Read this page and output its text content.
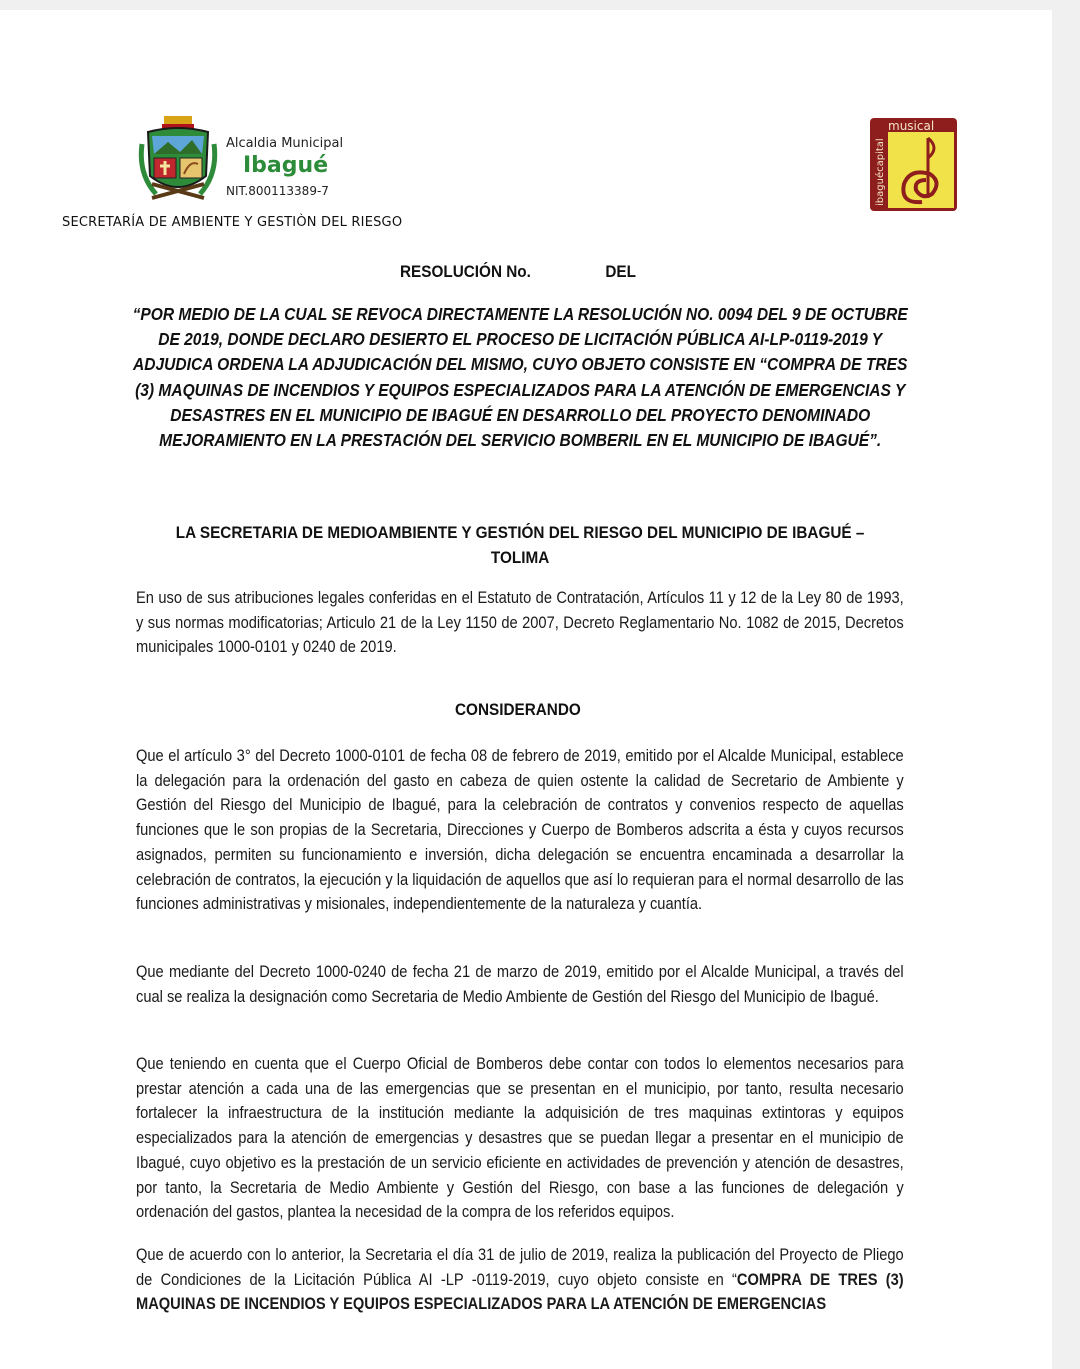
Alcaldia Municipal
Ibagué
NIT.800113389-7
musical
ibaguécapital
SECRETARÍA DE AMBIENTE Y GESTIÒN DEL RIESGO
RESOLUCIÓN No.	DEL
“POR MEDIO DE LA CUAL SE REVOCA DIRECTAMENTE LA RESOLUCIÓN NO. 0094 DEL 9 DE OCTUBRE DE 2019, DONDE DECLARO DESIERTO EL PROCESO DE LICITACIÓN PÚBLICA AI-LP-0119-2019 Y ADJUDICA ORDENA LA ADJUDICACIÓN DEL MISMO, CUYO OBJETO CONSISTE EN “COMPRA DE TRES (3) MAQUINAS DE INCENDIOS Y EQUIPOS ESPECIALIZADOS PARA LA ATENCIÓN DE EMERGENCIAS Y DESASTRES EN EL MUNICIPIO DE IBAGUÉ EN DESARROLLO DEL PROYECTO DENOMINADO MEJORAMIENTO EN LA PRESTACIÓN DEL SERVICIO BOMBERIL EN EL MUNICIPIO DE IBAGUÉ”.
LA SECRETARIA DE MEDIOAMBIENTE Y GESTIÓN DEL RIESGO DEL MUNICIPIO DE IBAGUÉ – TOLIMA
En uso de sus atribuciones legales conferidas en el Estatuto de Contratación, Artículos 11 y 12 de la Ley 80 de 1993, y sus normas modificatorias; Articulo 21 de la Ley 1150 de 2007, Decreto Reglamentario No. 1082 de 2015, Decretos municipales 1000-0101 y 0240 de 2019.
CONSIDERANDO
Que el artículo 3° del Decreto 1000-0101 de fecha 08 de febrero de 2019, emitido por el Alcalde Municipal, establece la delegación para la ordenación del gasto en cabeza de quien ostente la calidad de Secretario de Ambiente y Gestión del Riesgo del Municipio de Ibagué, para la celebración de contratos y convenios respecto de aquellas funciones que le son propias de la Secretaria, Direcciones y Cuerpo de Bomberos adscrita a ésta y cuyos recursos asignados, permiten su funcionamiento e inversión, dicha delegación se encuentra encaminada a desarrollar la celebración de contratos, la ejecución y la liquidación de aquellos que así lo requieran para el normal desarrollo de las funciones administrativas y misionales, independientemente de la naturaleza y cuantía.
Que mediante del Decreto 1000-0240 de fecha 21 de marzo de 2019, emitido por el Alcalde Municipal, a través del cual se realiza la designación como Secretaria de Medio Ambiente de Gestión del Riesgo del Municipio de Ibagué.
Que teniendo en cuenta que el Cuerpo Oficial de Bomberos debe contar con todos lo elementos necesarios para prestar atención a cada una de las emergencias que se presentan en el municipio, por tanto, resulta necesario fortalecer la infraestructura de la institución mediante la adquisición de tres maquinas extintoras y equipos especializados para la atención de emergencias y desastres que se puedan llegar a presentar en el municipio de Ibagué, cuyo objetivo es la prestación de un servicio eficiente en actividades de prevención y atención de desastres, por tanto, la Secretaria de Medio Ambiente y Gestión del Riesgo, con base a las funciones de delegación y ordenación del gastos, plantea la necesidad de la compra de los referidos equipos.
Que de acuerdo con lo anterior, la Secretaria el día 31 de julio de 2019, realiza la publicación del Proyecto de Pliego de Condiciones de la Licitación Pública AI -LP -0119-2019, cuyo objeto consiste en “COMPRA DE TRES (3) MAQUINAS DE INCENDIOS Y EQUIPOS ESPECIALIZADOS PARA LA ATENCIÓN DE EMERGENCIAS
